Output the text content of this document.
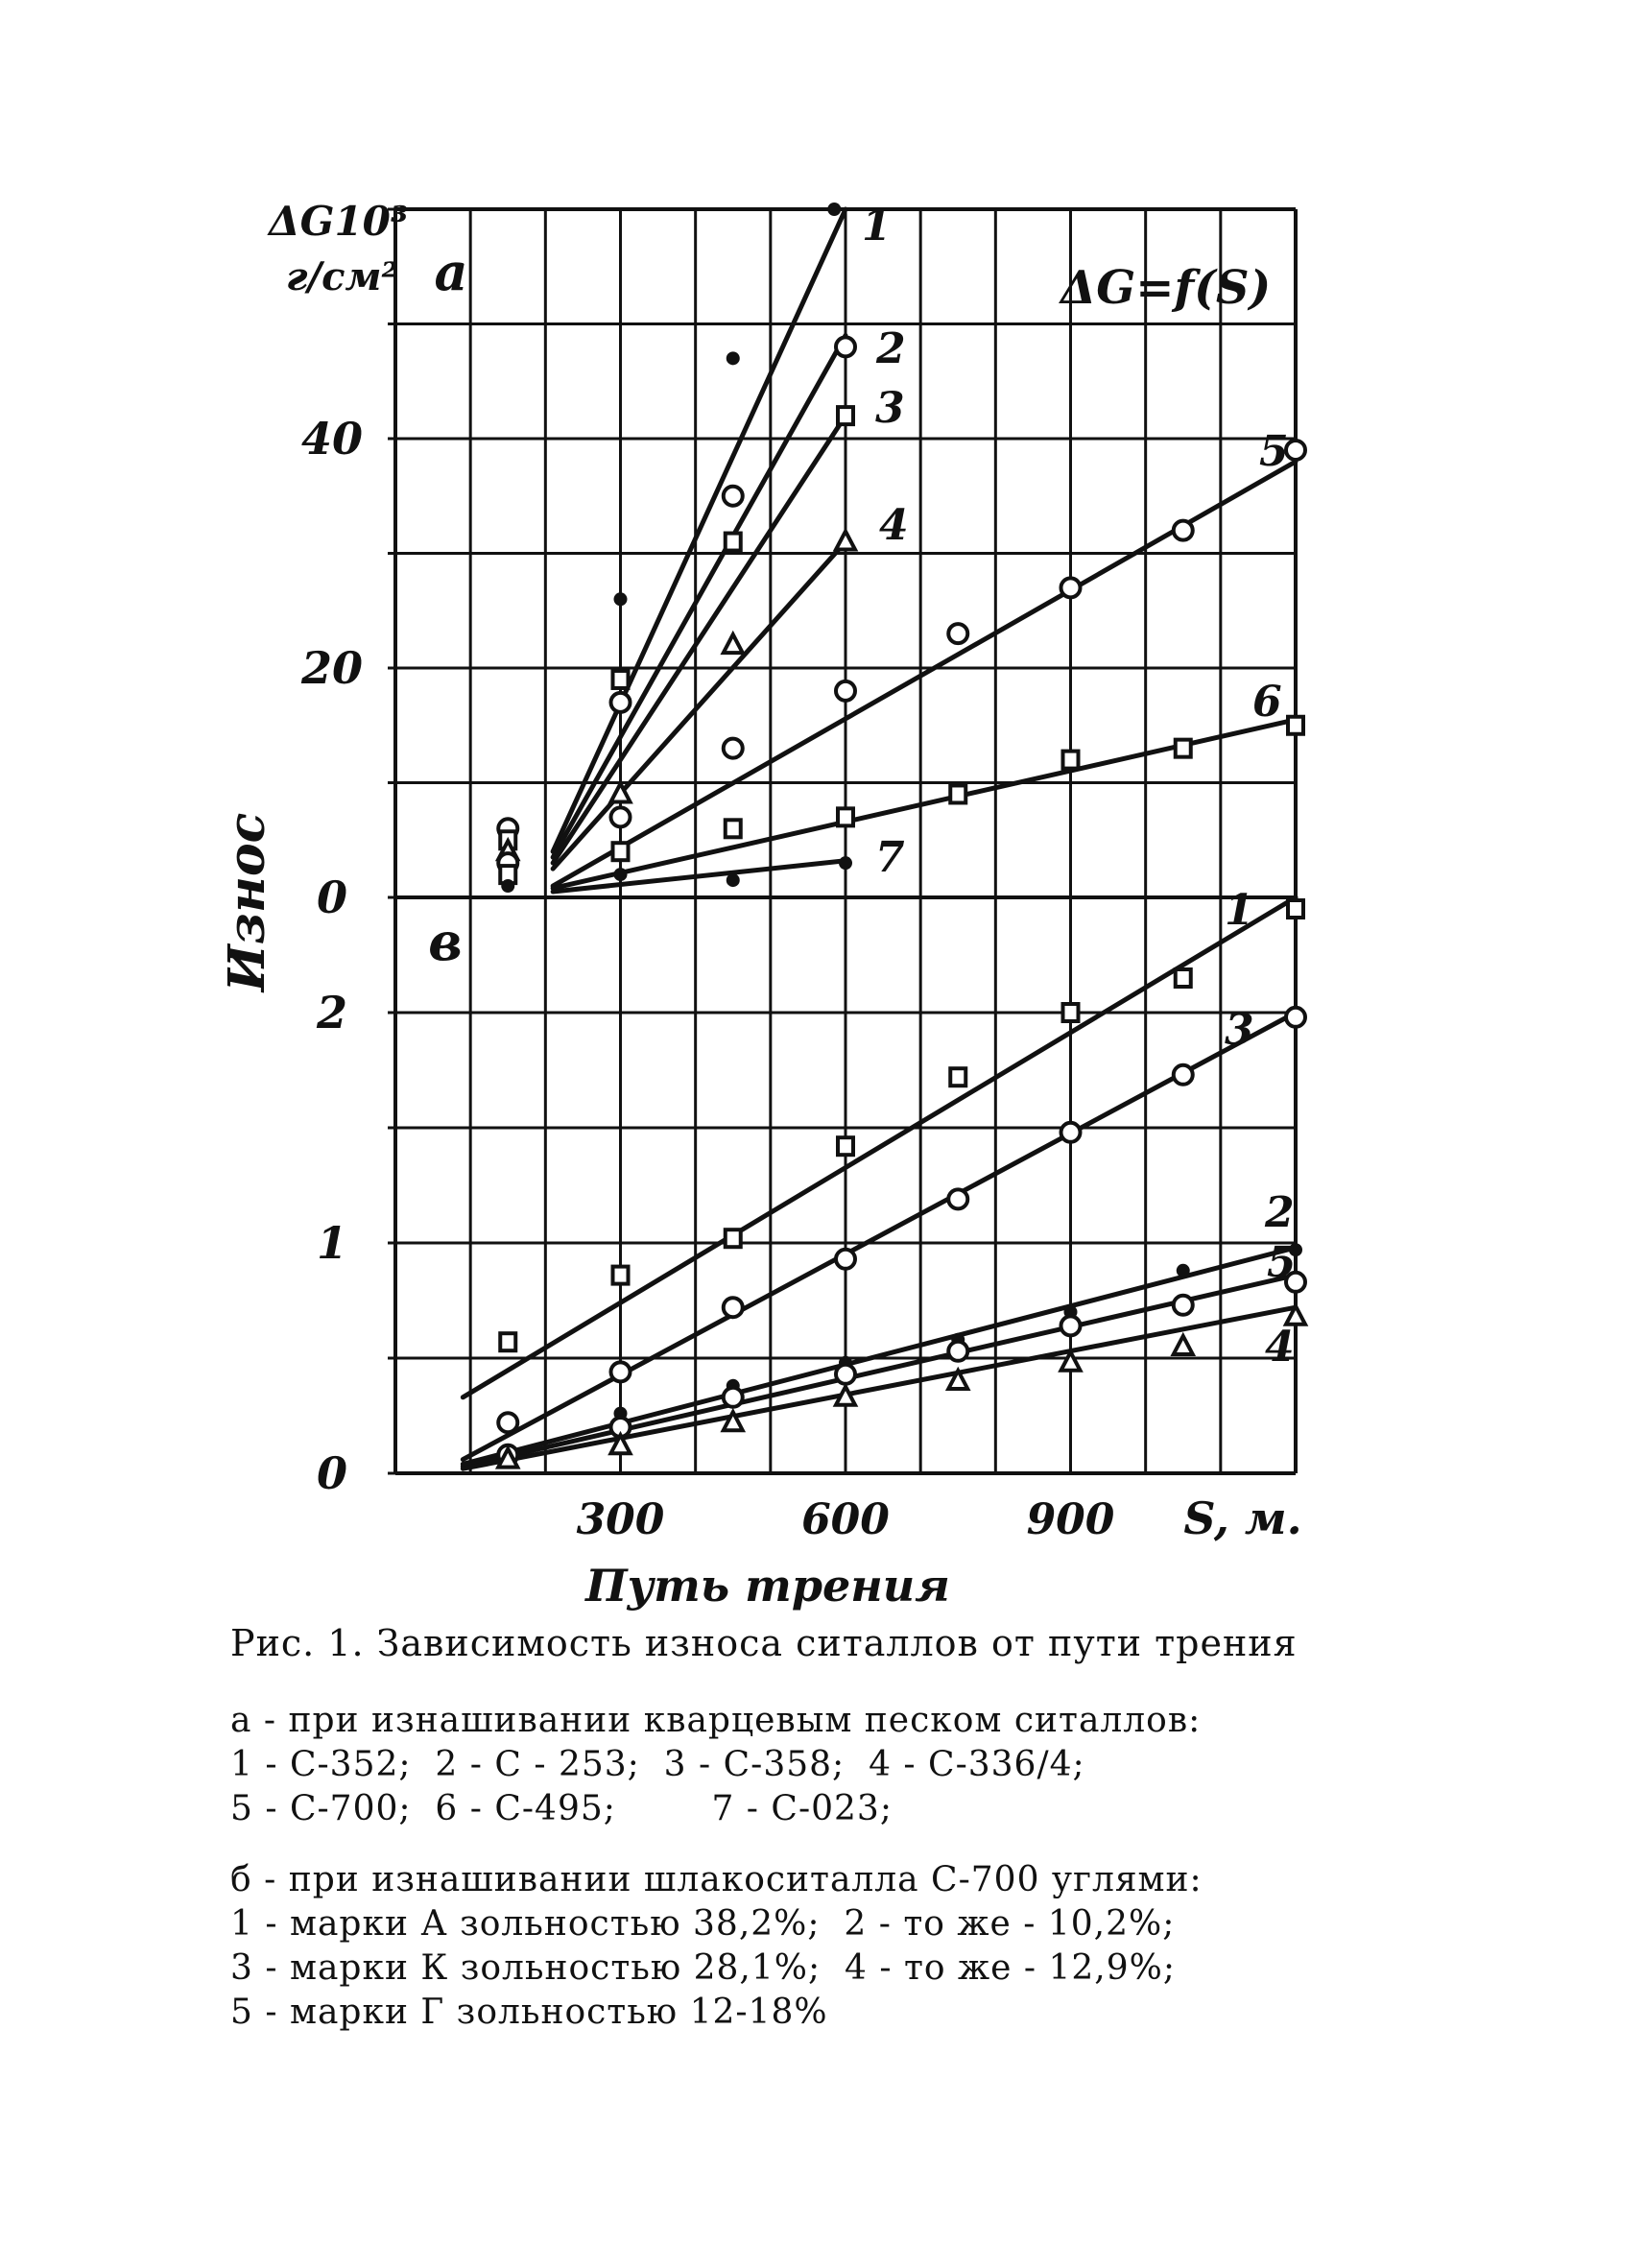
1
2
3
4
5
6
7
0
20
40
1
3
2
5
4
0
1
2
a
в
ΔG10³
г/см²	ΔG=f(S)
300	600	900 S, м.
Путь трения
Износ
Рис. 1. Зависимость износа ситаллов от пути трения
а - при изнашивании кварцевым песком ситаллов:
1 - С-352;  2 - С - 253;  3 - С-358;  4 - С-336/4;
5 - С-700;  6 - С-495;        7 - С-023;
б - при изнашивании шлакоситалла С-700 углями:
1 - марки А зольностью 38,2%;  2 - то же - 10,2%;
3 - марки К зольностью 28,1%;  4 - то же - 12,9%;
5 - марки Г зольностью 12-18%
